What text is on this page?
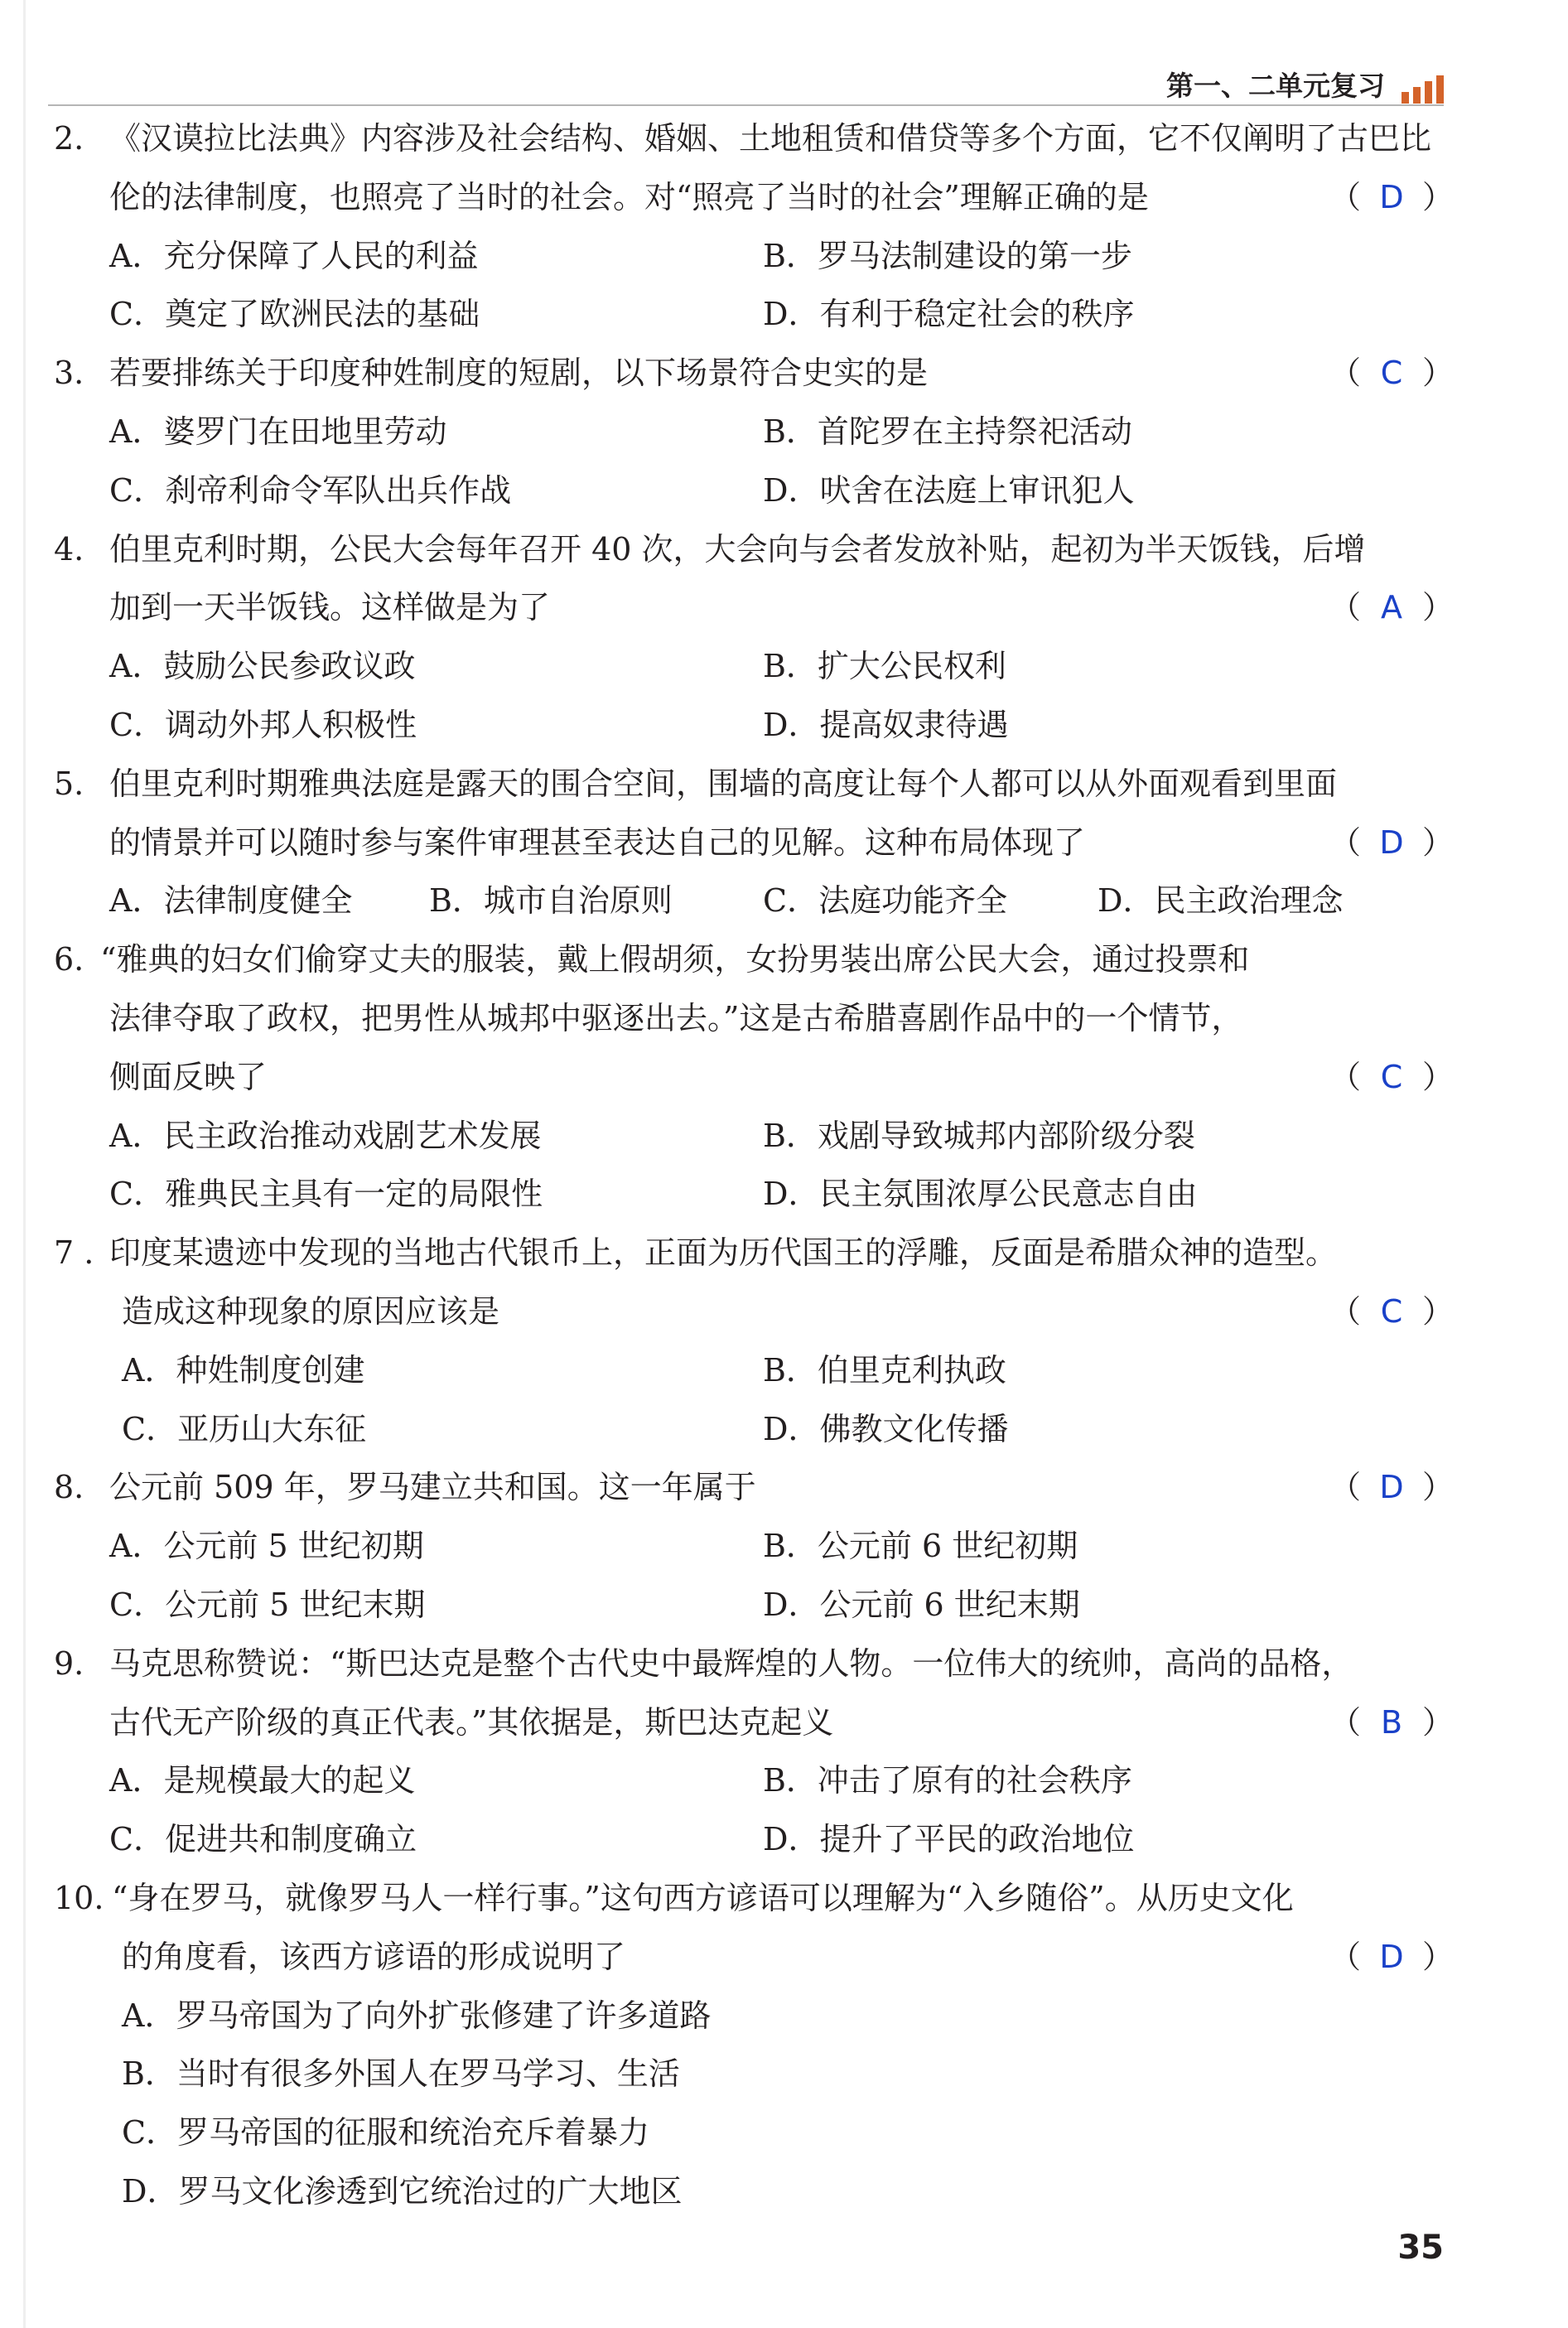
第一、二单元复习
2. 《汉谟拉比法典》内容涉及社会结构、婚姻、土地租赁和借贷等多个方面，它不仅阐明了古巴比
伦的法律制度，也照亮了当时的社会。对“照亮了当时的社会”理解正确的是	（ D ）
A．充分保障了人民的利益	B．罗马法制建设的第一步
C．奠定了欧洲民法的基础	D．有利于稳定社会的秩序
3. 若要排练关于印度种姓制度的短剧，以下场景符合史实的是	（ C ）
A．婆罗门在田地里劳动	B．首陀罗在主持祭祀活动
C．刹帝利命令军队出兵作战	D．吠舍在法庭上审讯犯人
4. 伯里克利时期，公民大会每年召开 40 次，大会向与会者发放补贴，起初为半天饭钱，后增
加到一天半饭钱。这样做是为了	（ A ）
A．鼓励公民参政议政	B．扩大公民权利
C．调动外邦人积极性	D．提高奴隶待遇
5. 伯里克利时期雅典法庭是露天的围合空间，围墙的高度让每个人都可以从外面观看到里面
的情景并可以随时参与案件审理甚至表达自己的见解。这种布局体现了	（ D ）
A．法律制度健全 B．城市自治原则	C．法庭功能齐全	D．民主政治理念
6. “雅典的妇女们偷穿丈夫的服装，戴上假胡须，女扮男装出席公民大会，通过投票和
法律夺取了政权，把男性从城邦中驱逐出去。”这是古希腊喜剧作品中的一个情节，
侧面反映了	（ C ）
A．民主政治推动戏剧艺术发展	B．戏剧导致城邦内部阶级分裂
C．雅典民主具有一定的局限性	D．民主氛围浓厚公民意志自由
7 . 印度某遗迹中发现的当地古代银币上，正面为历代国王的浮雕，反面是希腊众神的造型。
造成这种现象的原因应该是	（ C ）
A．种姓制度创建	B．伯里克利执政
C．亚历山大东征	D．佛教文化传播
8. 公元前 509 年，罗马建立共和国。这一年属于	（ D ）
A．公元前 5 世纪初期	B．公元前 6 世纪初期
C．公元前 5 世纪末期	D．公元前 6 世纪末期
9. 马克思称赞说：“斯巴达克是整个古代史中最辉煌的人物。一位伟大的统帅，高尚的品格，
古代无产阶级的真正代表。”其依据是，斯巴达克起义	（ B ）
A．是规模最大的起义	B．冲击了原有的社会秩序
C．促进共和制度确立	D．提升了平民的政治地位
10. “身在罗马，就像罗马人一样行事。”这句西方谚语可以理解为“入乡随俗”。从历史文化
的角度看，该西方谚语的形成说明了	（ D ）
A．罗马帝国为了向外扩张修建了许多道路
B．当时有很多外国人在罗马学习、生活
C．罗马帝国的征服和统治充斥着暴力
D．罗马文化渗透到它统治过的广大地区
35
